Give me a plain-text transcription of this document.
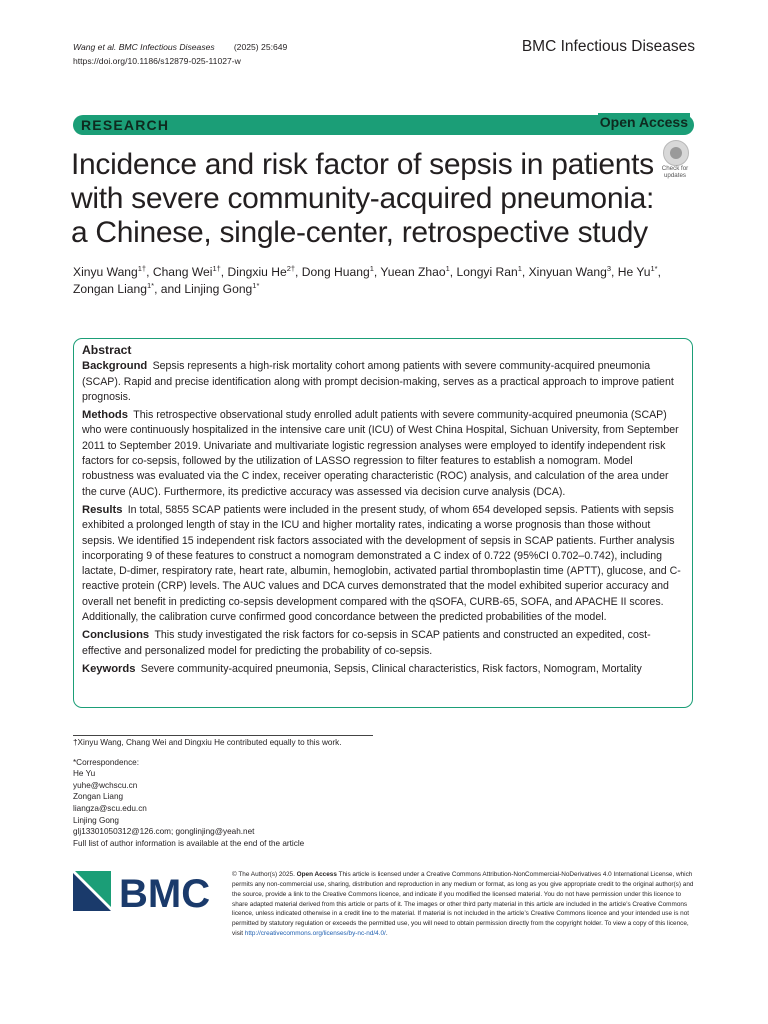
Wang et al. BMC Infectious Diseases (2025) 25:649
https://doi.org/10.1186/s12879-025-11027-w
BMC Infectious Diseases
RESEARCH	Open Access
Check for
updates
Incidence and risk factor of sepsis in patients with severe community-acquired pneumonia: a Chinese, single-center, retrospective study
Xinyu Wang$^{1\dagger}$, Chang Wei$^{1\dagger}$, Dingxiu $He^{2\dagger}$, Dong Huang$^1$, Yuean Zhao$^1$, Longyi Ran$^1$, Xinyuan Wang$^3$, He $Yu^{1*}$,
Zongan Liang$^{1*}$, and Linjing Gong$^{1*}$
Abstract

Background  Sepsis represents a high-risk mortality cohort among patients with severe community-acquired pneumonia (SCAP). Rapid and precise identification along with prompt decision-making, serves as a practical approach to improve patient prognosis.

Methods  This retrospective observational study enrolled adult patients with severe community-acquired pneumonia (SCAP) who were continuously hospitalized in the intensive care unit (ICU) of West China Hospital, Sichuan University, from September 2011 to September 2019. Univariate and multivariate logistic regression analyses were employed to identify independent risk factors for co-sepsis, followed by the utilization of LASSO regression to filter features to establish a nomogram. Model robustness was evaluated via the C index, receiver operating characteristic (ROC) analysis, and calculation of the area under the curve (AUC). Furthermore, its predictive accuracy was assessed via decision curve analysis (DCA).

Results  In total, 5855 SCAP patients were included in the present study, of whom 654 developed sepsis. Patients with sepsis exhibited a prolonged length of stay in the ICU and higher mortality rates, indicating a worse prognosis than those without sepsis. We identified 15 independent risk factors associated with the development of sepsis in SCAP patients. Further analysis incorporating 9 of these features to construct a nomogram demonstrated a C index of 0.722 (95%CI 0.702–0.742), including lactate, D-dimer, respiratory rate, heart rate, albumin, hemoglobin, activated partial thromboplastin time (APTT), glucose, and C-reactive protein (CRP) levels. The AUC values and DCA curves demonstrated that the model exhibited superior accuracy and overall net benefit in predicting co-sepsis development compared with the qSOFA, CURB-65, SOFA, and APACHE II scores. Additionally, the calibration curve confirmed good concordance between the predicted probabilities of the model.

Conclusions  This study investigated the risk factors for co-sepsis in SCAP patients and constructed an expedited, cost-effective and personalized model for predicting the probability of co-sepsis.

Keywords  Severe community-acquired pneumonia, Sepsis, Clinical characteristics, Risk factors, Nomogram, Mortality

†Xinyu Wang, Chang Wei and Dingxiu He contributed equally to this work.
*Correspondence:
He Yu
yuhe@wchscu.cn
Zongan Liang
liangza@scu.edu.cn
Linjing Gong
glj13301050312@126.com; gonglinjing@yeah.net
Full list of author information is available at the end of the article
BMC	© The Author(s) 2025. Open Access This article is licensed under a Creative Commons Attribution-NonCommercial-NoDerivatives 4.0 International License, which permits any non-commercial use, sharing, distribution and reproduction in any medium or format, as long as you give appropriate credit to the original author(s) and the source, provide a link to the Creative Commons licence, and indicate if you modified the licensed material. You do not have permission under this licence to share adapted material derived from this article or parts of it. The images or other third party material in this article are included in the article’s Creative Commons licence, unless indicated otherwise in a credit line to the material. If material is not included in the article’s Creative Commons licence and your intended use is not permitted by statutory regulation or exceeds the permitted use, you will need to obtain permission directly from the copyright holder. To view a copy of this licence, visit http://creativecommons.org/licenses/by-nc-nd/4.0/.
